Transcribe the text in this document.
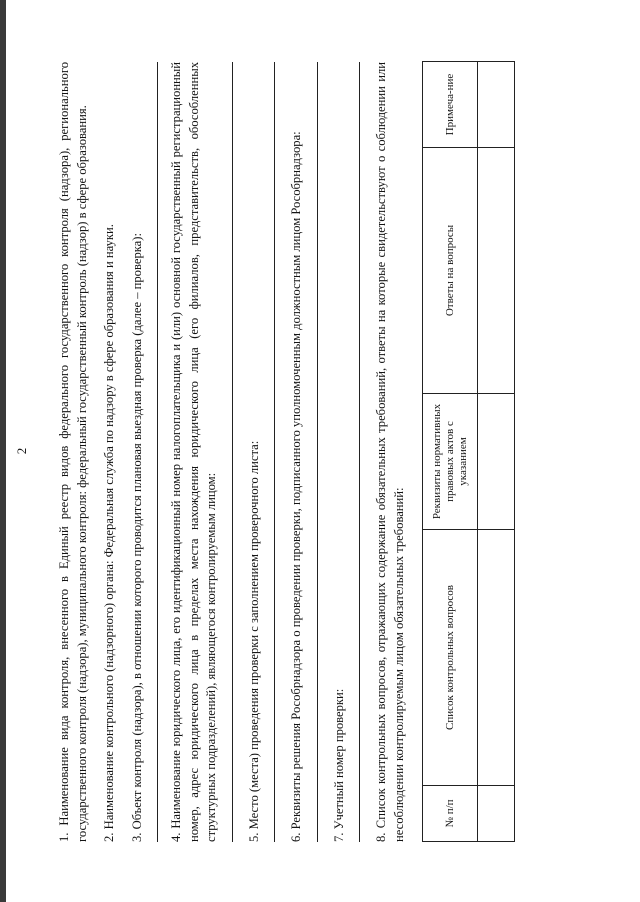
2 1. Наименование вида контроля, внесенного в Единый реестр видов федерального государственного контроля (надзора), регионального государственного контроля (надзора), муниципального контроля: федеральный государственный контроль (надзор) в сфере образования. 2. Наименование контрольного (надзорного) органа: Федеральная служба по надзору в сфере образования и науки. 3. Объект контроля (надзора), в отношении которого проводится плановая выездная проверка (далее – проверка): 4. Наименование юридического лица, его идентификационный номер налогоплательщика и (или) основной государственный регистрационный номер, адрес юридического лица в пределах места нахождения юридического лица (его филиалов, представительств, обособленных структурных подразделений), являющегося контролируемым лицом: 5. Место (места) проведения проверки с заполнением проверочного листа: 6. Реквизиты решения Рособрнадзора о проведении проверки, подписанного уполномоченным должностным лицом Рособрнадзора: 7. Учетный номер проверки: 8. Список контрольных вопросов, отражающих содержание обязательных требований, ответы на которые свидетельствуют о соблюдении или несоблюдении контролируемым лицом обязательных требований:	№ п/п	Список контрольных вопросов	Реквизиты нормативных правовых актов с указанием	Ответы на вопросы	Примеча-ние
